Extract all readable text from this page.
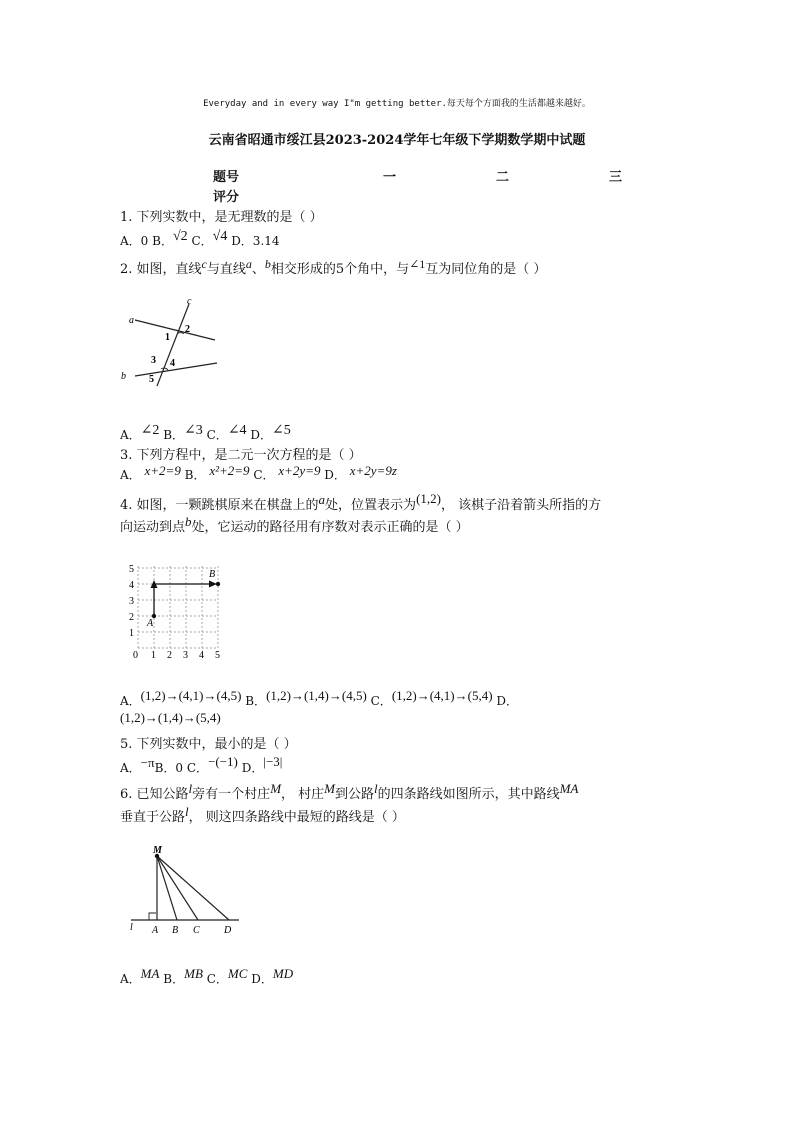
Everyday and in every way I"m getting better.每天每个方面我的生活都越来越好。
云南省昭通市绥江县2023-2024学年七年级下学期数学期中试题
题号	一	二	三
评分
1. 下列实数中，是无理数的是（ ）
A．0 B．√2 C．√4 D．3.14
2. 如图，直线c与直线a、b相交形成的5个角中，与∠1互为同位角的是（ ）
a
b
c
1
2
3 4
5
A．∠2 B．∠3 C．∠4 D．∠5
3. 下列方程中，是二元一次方程的是（ ）
A． x+2=9 B． x²+2=9 C． x+2y=9 D． x+2y=9z
4. 如图，一颗跳棋原来在棋盘上的a处，位置表示为(1,2)， 该棋子沿着箭头所指的方
向运动到点b处，它运动的路径用有序数对表示正确的是（ ）
A
B
0 1 2 3 4 5
1
2
3
4
5
A．(1,2)→(4,1)→(4,5) B．(1,2)→(1,4)→(4,5) C．(1,2)→(4,1)→(5,4) D．
(1,2)→(1,4)→(5,4)
5. 下列实数中，最小的是（ ）
A．−πB．0 C．−(−1) D．|−3|
6. 已知公路l旁有一个村庄M， 村庄M到公路l的四条路线如图所示，其中路线MA
垂直于公路l， 则这四条路线中最短的路线是（ ）
M
l A B C D
A．MA B．MB C．MC D．MD
